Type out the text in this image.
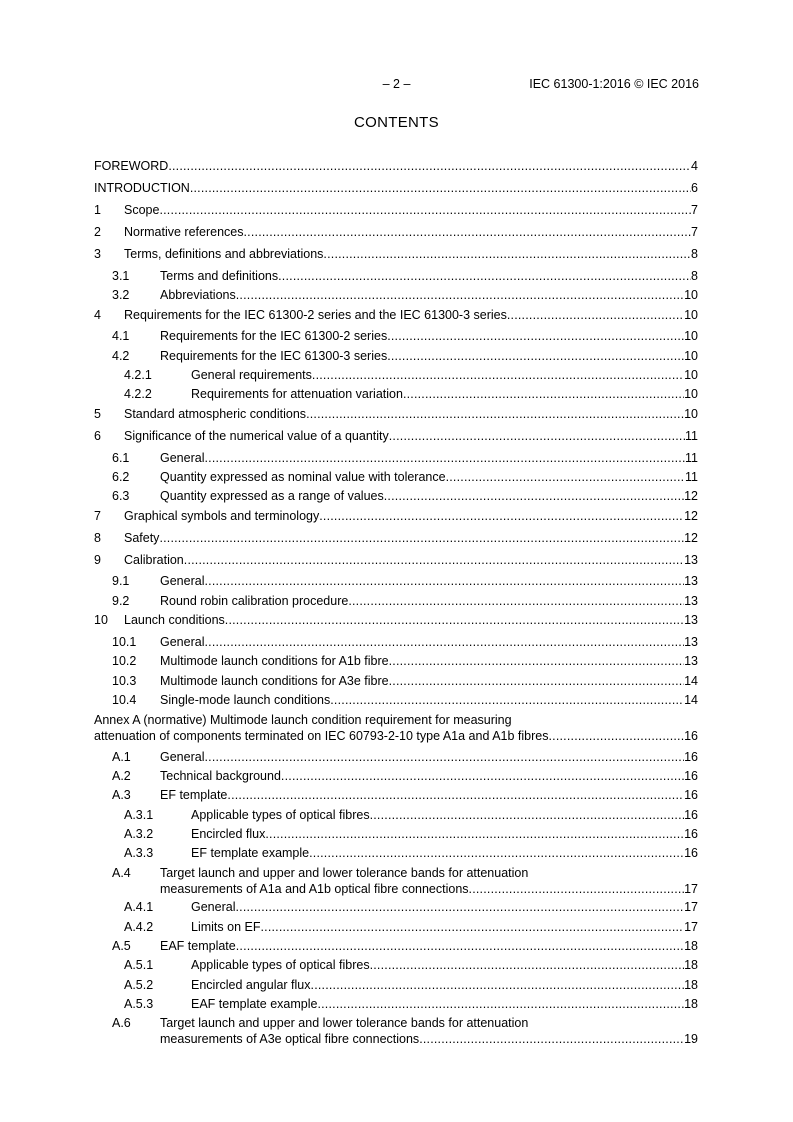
– 2 –	IEC 61300-1:2016 © IEC 2016
CONTENTS
FOREWORD .....	4
INTRODUCTION .....	6
1	Scope .....	7
2	Normative references .....	7
3	Terms, definitions and abbreviations .....	8
3.1	Terms and definitions .....	8
3.2	Abbreviations .....	10
4	Requirements for the IEC 61300-2 series and the IEC 61300-3 series .....	10
4.1	Requirements for the IEC 61300-2 series .....	10
4.2	Requirements for the IEC 61300-3 series .....	10
4.2.1	General requirements .....	10
4.2.2	Requirements for attenuation variation .....	10
5	Standard atmospheric conditions .....	10
6	Significance of the numerical value of a quantity .....	11
6.1	General .....	11
6.2	Quantity expressed as nominal value with tolerance .....	11
6.3	Quantity expressed as a range of values .....	12
7	Graphical symbols and terminology .....	12
8	Safety .....	12
9	Calibration .....	13
9.1	General .....	13
9.2	Round robin calibration procedure .....	13
10	Launch conditions .....	13
10.1	General .....	13
10.2	Multimode launch conditions for A1b fibre .....	13
10.3	Multimode launch conditions for A3e fibre .....	14
10.4	Single-mode launch conditions .....	14
Annex A (normative) Multimode launch condition requirement for measuring
attenuation of components terminated on IEC 60793-2-10 type A1a and A1b fibres .....	16
A.1	General .....	16
A.2	Technical background .....	16
A.3	EF template .....	16
A.3.1	Applicable types of optical fibres .....	16
A.3.2	Encircled flux .....	16
A.3.3	EF template example .....	16
A.4 Target launch and upper and lower tolerance bands for attenuation
measurements of A1a and A1b optical fibre connections .....	17
A.4.1	General .....	17
A.4.2	Limits on EF .....	17
A.5	EAF template .....	18
A.5.1	Applicable types of optical fibres .....	18
A.5.2	Encircled angular flux .....	18
A.5.3	EAF template example .....	18
A.6 Target launch and upper and lower tolerance bands for attenuation
measurements of A3e optical fibre connections .....	19
